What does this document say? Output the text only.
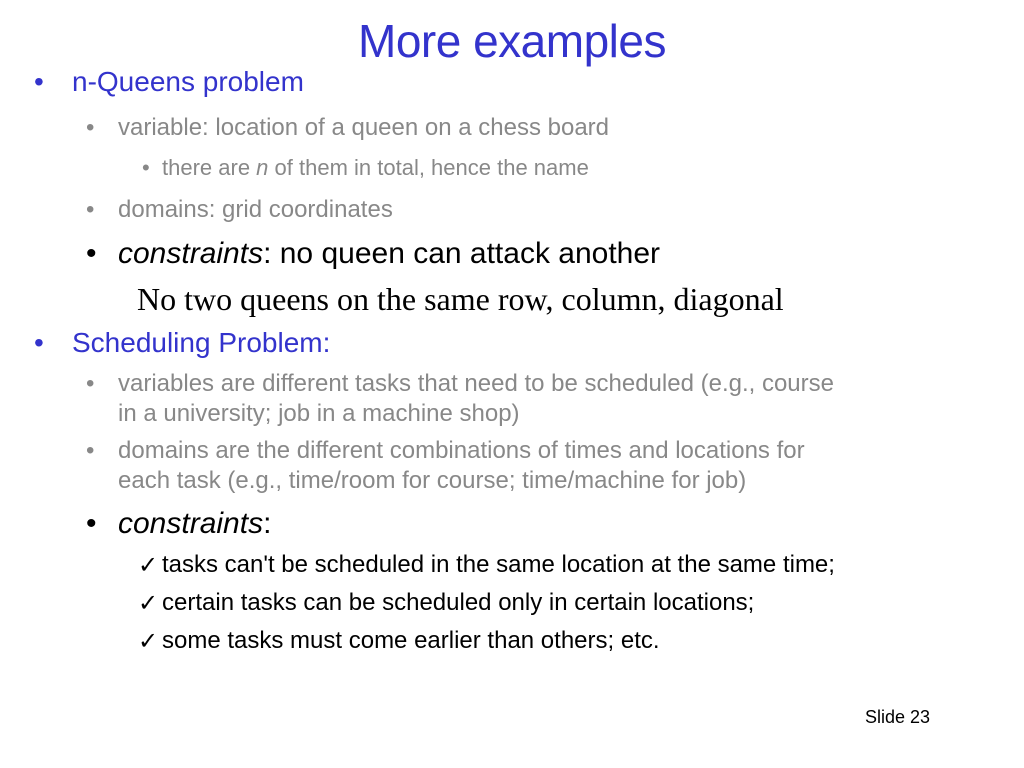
More examples
• n-Queens problem
• variable: location of a queen on a chess board
• there are n of them in total, hence the name
• domains: grid coordinates
• constraints: no queen can attack another
No two queens on the same row, column, diagonal
• Scheduling Problem:
• variables are different tasks that need to be scheduled (e.g., course
in a university; job in a machine shop)
• domains are the different combinations of times and locations for
each task (e.g., time/room for course; time/machine for job)
• constraints:
✓ tasks can't be scheduled in the same location at the same time;
✓ certain tasks can be scheduled only in certain locations;
✓ some tasks must come earlier than others; etc.
Slide 23
